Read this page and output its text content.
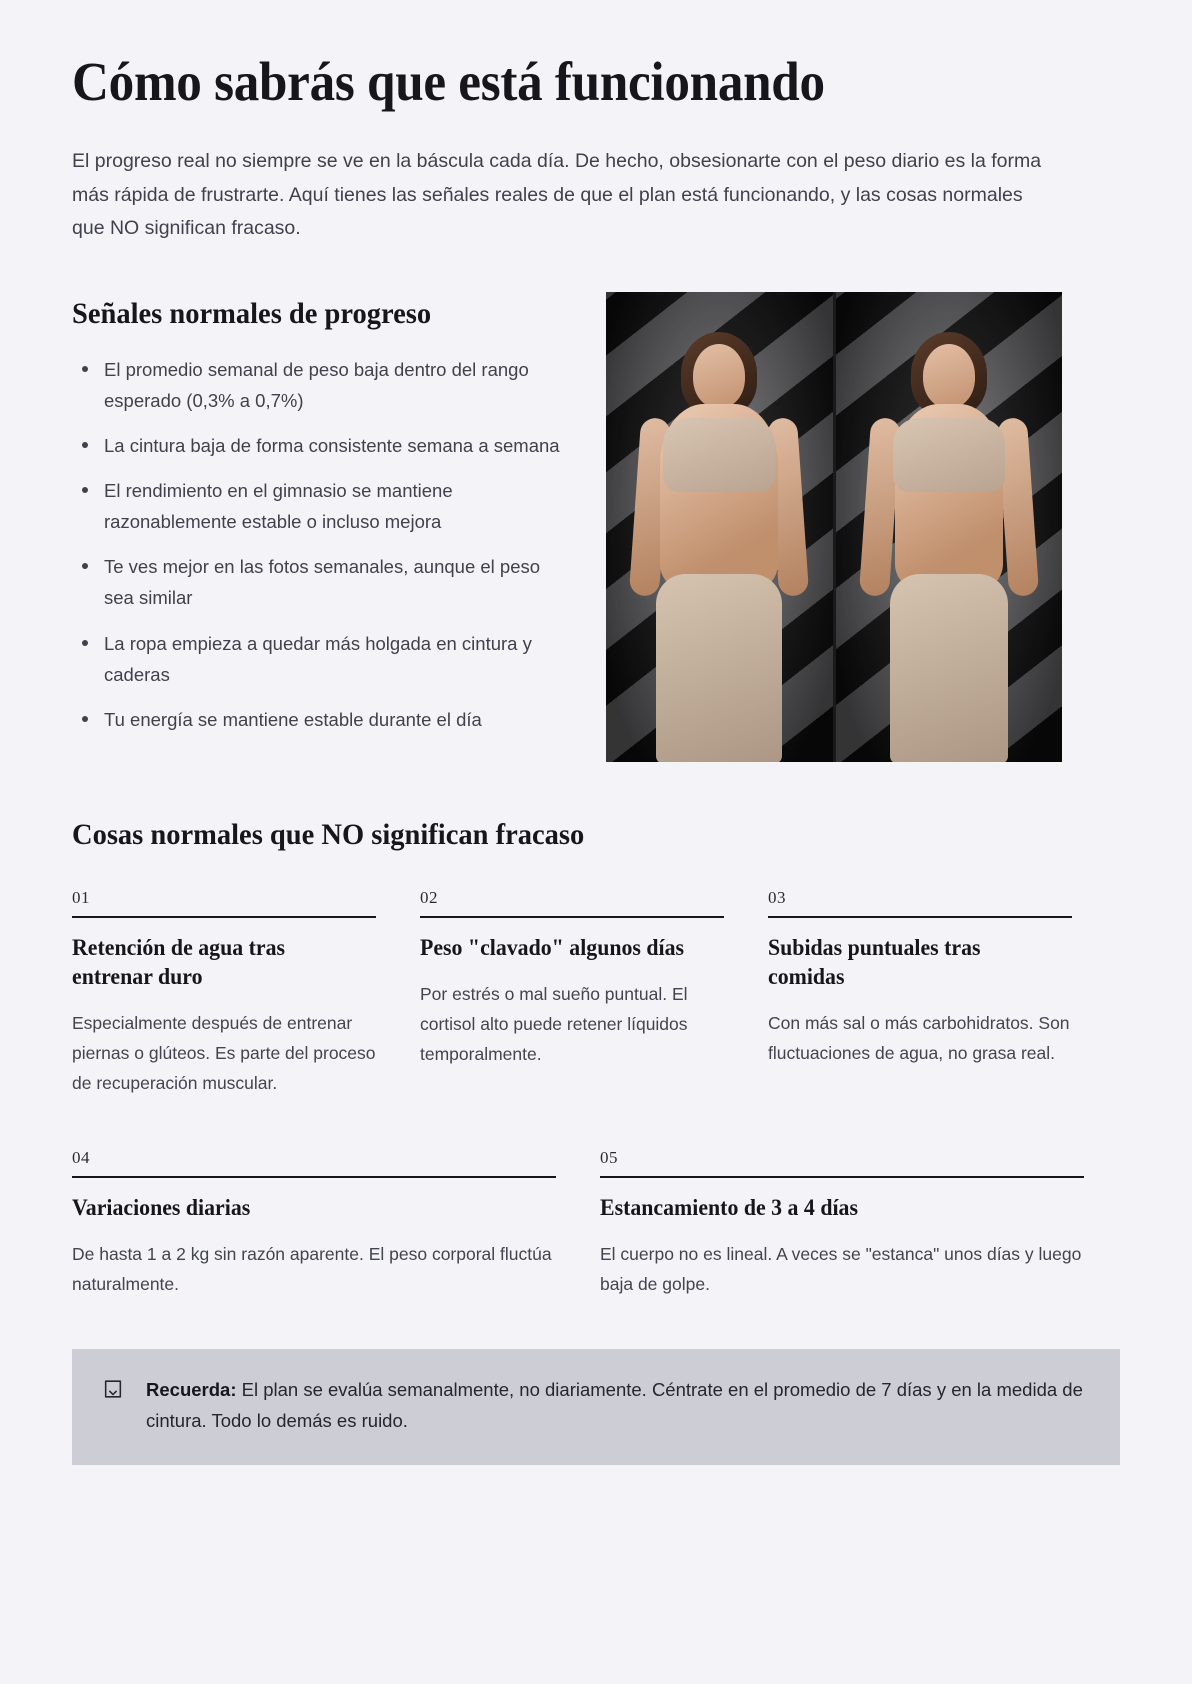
Cómo sabrás que está funcionando

El progreso real no siempre se ve en la báscula cada día. De hecho, obsesionarte con el peso diario es la forma más rápida de frustrarte. Aquí tienes las señales reales de que el plan está funcionando, y las cosas normales que NO significan fracaso.

Señales normales de progreso
El promedio semanal de peso baja dentro del rango esperado (0,3% a 0,7%)
La cintura baja de forma consistente semana a semana
El rendimiento en el gimnasio se mantiene razonablemente estable o incluso mejora
Te ves mejor en las fotos semanales, aunque el peso sea similar
La ropa empieza a quedar más holgada en cintura y caderas
Tu energía se mantiene estable durante el día
Cosas normales que NO significan fracaso
01
Retención de agua tras entrenar duro

Especialmente después de entrenar piernas o glúteos. Es parte del proceso de recuperación muscular.

02
Peso "clavado" algunos días

Por estrés o mal sueño puntual. El cortisol alto puede retener líquidos temporalmente.

03
Subidas puntuales tras comidas

Con más sal o más carbohidratos. Son fluctuaciones de agua, no grasa real.

04
Variaciones diarias

De hasta 1 a 2 kg sin razón aparente. El peso corporal fluctúa naturalmente.

05
Estancamiento de 3 a 4 días

El cuerpo no es lineal. A veces se "estanca" unos días y luego baja de golpe.

Recuerda: El plan se evalúa semanalmente, no diariamente. Céntrate en el promedio de 7 días y en la medida de cintura. Todo lo demás es ruido.
